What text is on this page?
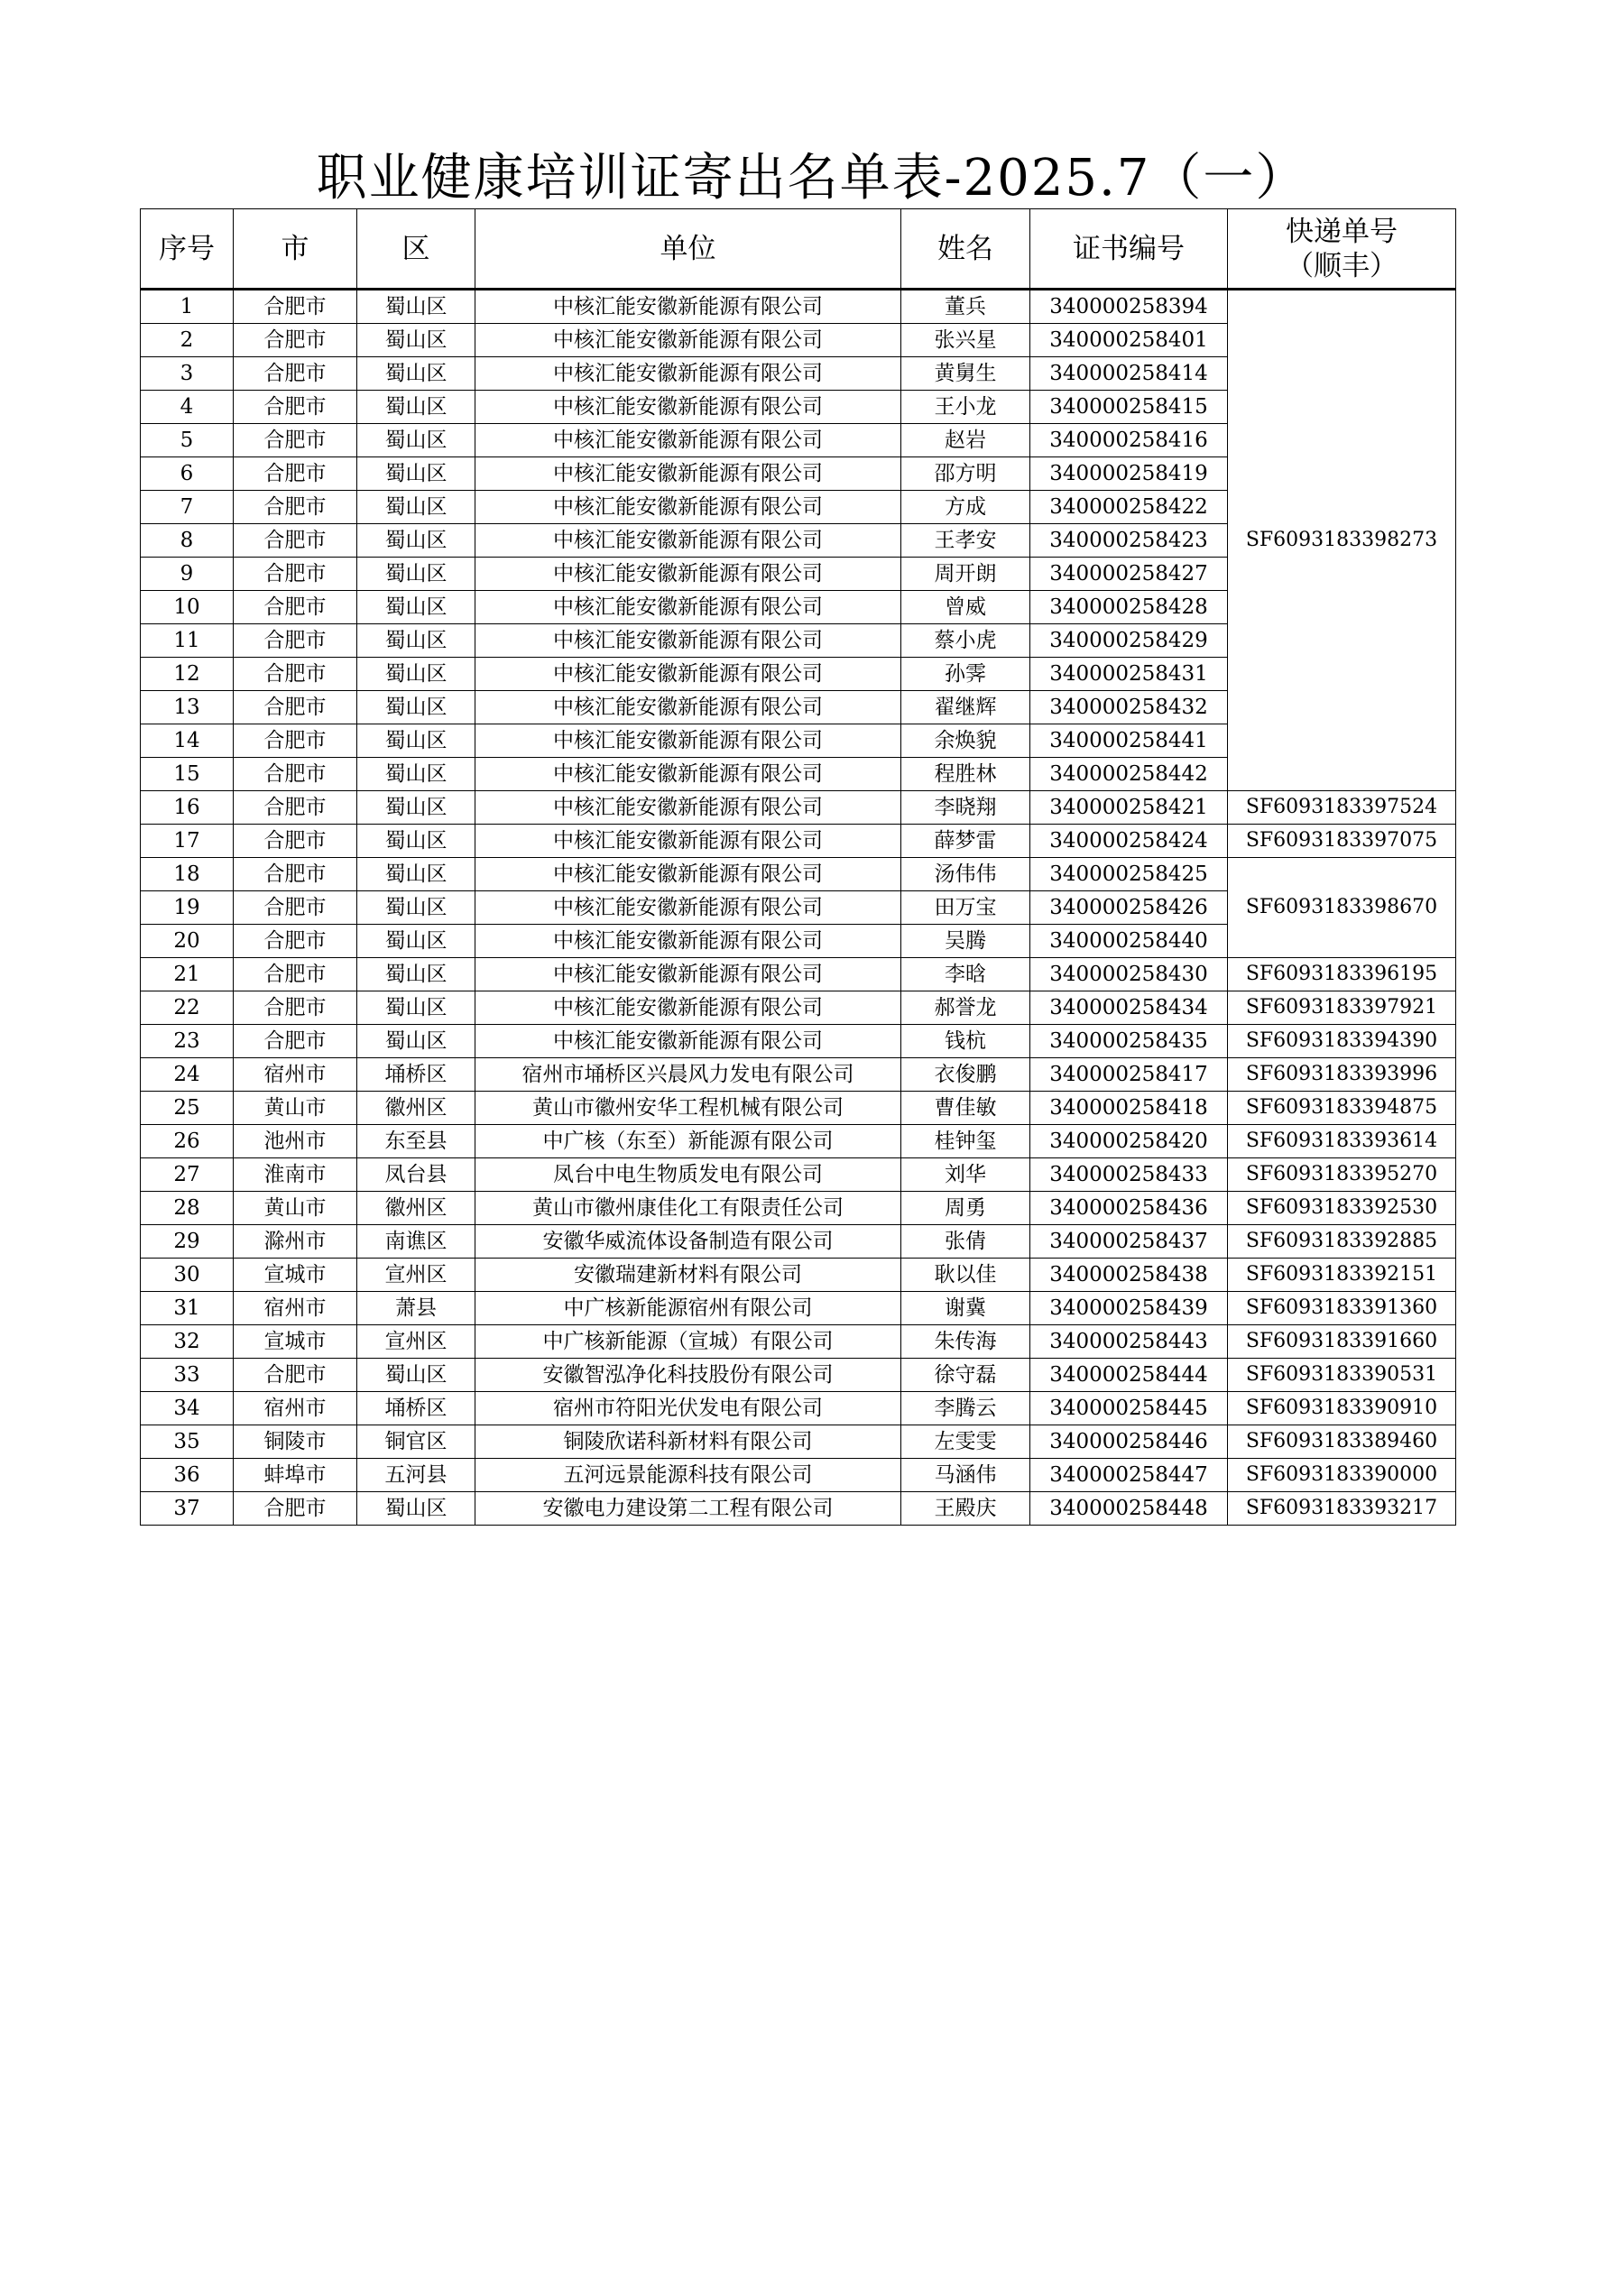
职业健康培训证寄出名单表-2025.7（一）
序号	市	区	单位	姓名	证书编号	快递单号
（顺丰）

1	合肥市	蜀山区	中核汇能安徽新能源有限公司	董兵	340000258394	SF6093183398273
2	合肥市	蜀山区	中核汇能安徽新能源有限公司	张兴星	340000258401	
3	合肥市	蜀山区	中核汇能安徽新能源有限公司	黄舅生	340000258414	
4	合肥市	蜀山区	中核汇能安徽新能源有限公司	王小龙	340000258415	
5	合肥市	蜀山区	中核汇能安徽新能源有限公司	赵岩	340000258416	
6	合肥市	蜀山区	中核汇能安徽新能源有限公司	邵方明	340000258419	
7	合肥市	蜀山区	中核汇能安徽新能源有限公司	方成	340000258422	
8	合肥市	蜀山区	中核汇能安徽新能源有限公司	王孝安	340000258423	
9	合肥市	蜀山区	中核汇能安徽新能源有限公司	周开朗	340000258427	
10	合肥市	蜀山区	中核汇能安徽新能源有限公司	曾威	340000258428	
11	合肥市	蜀山区	中核汇能安徽新能源有限公司	蔡小虎	340000258429	
12	合肥市	蜀山区	中核汇能安徽新能源有限公司	孙霁	340000258431	
13	合肥市	蜀山区	中核汇能安徽新能源有限公司	翟继辉	340000258432	
14	合肥市	蜀山区	中核汇能安徽新能源有限公司	余焕貌	340000258441	
15	合肥市	蜀山区	中核汇能安徽新能源有限公司	程胜林	340000258442	
16	合肥市	蜀山区	中核汇能安徽新能源有限公司	李晓翔	340000258421	SF6093183397524
17	合肥市	蜀山区	中核汇能安徽新能源有限公司	薛梦雷	340000258424	SF6093183397075
18	合肥市	蜀山区	中核汇能安徽新能源有限公司	汤伟伟	340000258425	SF6093183398670
19	合肥市	蜀山区	中核汇能安徽新能源有限公司	田万宝	340000258426	
20	合肥市	蜀山区	中核汇能安徽新能源有限公司	吴腾	340000258440	
21	合肥市	蜀山区	中核汇能安徽新能源有限公司	李晗	340000258430	SF6093183396195
22	合肥市	蜀山区	中核汇能安徽新能源有限公司	郝誉龙	340000258434	SF6093183397921
23	合肥市	蜀山区	中核汇能安徽新能源有限公司	钱杭	340000258435	SF6093183394390
24	宿州市	埇桥区	宿州市埇桥区兴晨风力发电有限公司	衣俊鹏	340000258417	SF6093183393996
25	黄山市	徽州区	黄山市徽州安华工程机械有限公司	曹佳敏	340000258418	SF6093183394875
26	池州市	东至县	中广核（东至）新能源有限公司	桂钟玺	340000258420	SF6093183393614
27	淮南市	凤台县	凤台中电生物质发电有限公司	刘华	340000258433	SF6093183395270
28	黄山市	徽州区	黄山市徽州康佳化工有限责任公司	周勇	340000258436	SF6093183392530
29	滁州市	南谯区	安徽华威流体设备制造有限公司	张倩	340000258437	SF6093183392885
30	宣城市	宣州区	安徽瑞建新材料有限公司	耿以佳	340000258438	SF6093183392151
31	宿州市	萧县	中广核新能源宿州有限公司	谢冀	340000258439	SF6093183391360
32	宣城市	宣州区	中广核新能源（宣城）有限公司	朱传海	340000258443	SF6093183391660
33	合肥市	蜀山区	安徽智泓净化科技股份有限公司	徐守磊	340000258444	SF6093183390531
34	宿州市	埇桥区	宿州市符阳光伏发电有限公司	李腾云	340000258445	SF6093183390910
35	铜陵市	铜官区	铜陵欣诺科新材料有限公司	左雯雯	340000258446	SF6093183389460
36	蚌埠市	五河县	五河远景能源科技有限公司	马涵伟	340000258447	SF6093183390000
37	合肥市	蜀山区	安徽电力建设第二工程有限公司	王殿庆	340000258448	SF6093183393217
